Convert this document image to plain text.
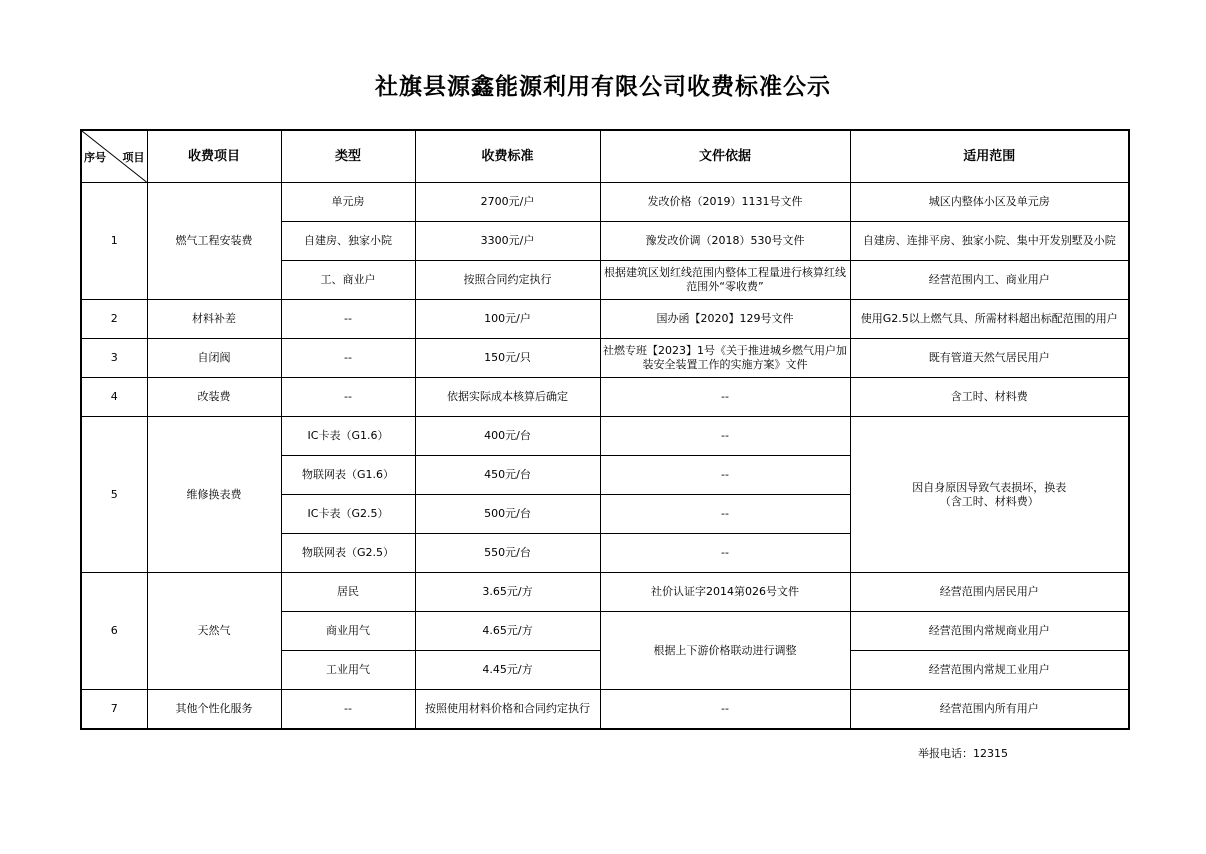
社旗县源鑫能源利用有限公司收费标准公示
序号 项目	收费项目	类型	收费标准	文件依据	适用范围
1	燃气工程安装费	单元房	2700元/户	发改价格（2019）1131号文件	城区内整体小区及单元房
		自建房、独家小院	3300元/户	豫发改价调（2018）530号文件	自建房、连排平房、独家小院、集中开发别墅及小院
		工、商业户	按照合同约定执行	根据建筑区划红线范围内整体工程量进行核算红线范围外“零收费”	经营范围内工、商业用户
2	材料补差	--	100元/户	国办函【2020】129号文件	使用G2.5以上燃气具、所需材料超出标配范围的用户
3	自闭阀	--	150元/只	社燃专班【2023】1号《关于推进城乡燃气用户加装安全装置工作的实施方案》文件	既有管道天然气居民用户
4	改装费	--	依据实际成本核算后确定	--	含工时、材料费
5	维修换表费	IC卡表（G1.6）	400元/台	--	因自身原因导致气表损坏，换表
（含工时、材料费）

		物联网表（G1.6）	450元/台	--	
		IC卡表（G2.5）	500元/台	--	
		物联网表（G2.5）	550元/台	--	
6	天然气	居民	3.65元/方	社价认证字2014第026号文件	经营范围内居民用户
		商业用气	4.65元/方	根据上下游价格联动进行调整	经营范围内常规商业用户
		工业用气	4.45元/方		经营范围内常规工业用户
7	其他个性化服务	--	按照使用材料价格和合同约定执行	--	经营范围内所有用户
举报电话：12315
